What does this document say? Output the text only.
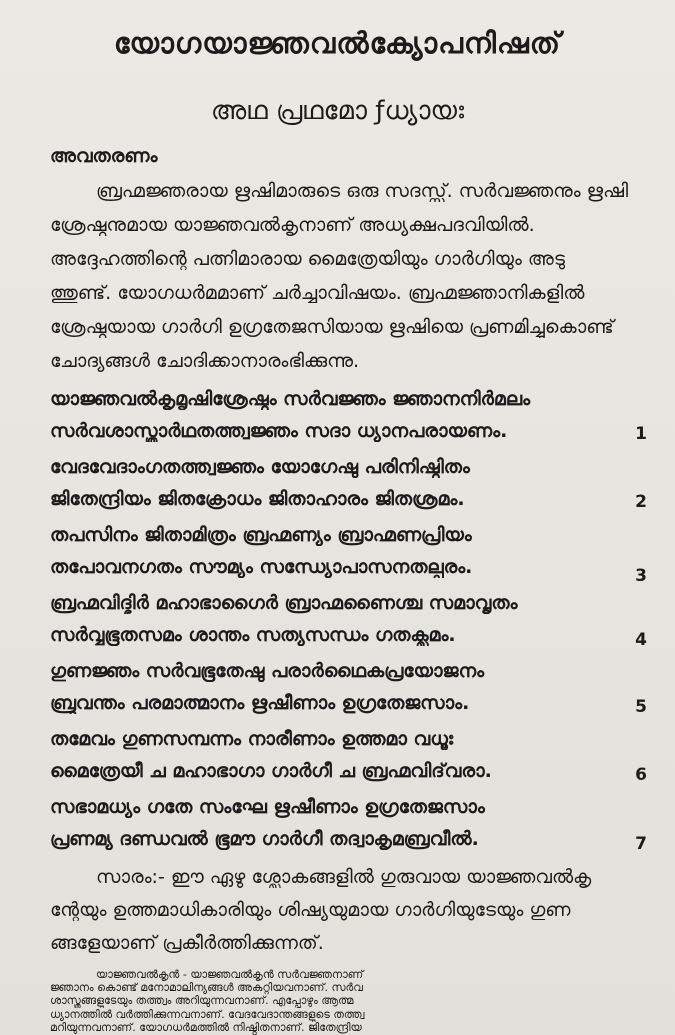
യോഗയാജ്ഞവൽക്യോപനിഷത്
അഥ പ്രഥമോ ƒധ്യായഃ
അവതരണം
ബ്രഹ്മജ്ഞരായ ഋഷിമാരുടെ ഒരു സദസ്സ്. സർവജ്ഞനും ഋഷി
ശ്രേഷ്ഠനുമായ യാജ്ഞവൽകൃനാണ് അധ്യക്ഷപദവിയിൽ.
അദ്ദേഹത്തിന്റെ പത്നിമാരായ മൈത്രേയിയും ഗാർഗിയും അടു
ത്തുണ്ട്. യോഗധർമമാണ് ചർച്ചാവിഷയം. ബ്രഹ്മജ്ഞാനികളിൽ
ശ്രേഷ്ഠയായ ഗാർഗി ഉഗ്രതേജസിയായ ഋഷിയെ പ്രണമിച്ചുകൊണ്ട്
ചോദ്യങ്ങൾ ചോദിക്കാനാരംഭിക്കുന്നു.
യാജ്ഞവൽകൃമൃഷിശ്രേഷ്ഠം സർവജ്ഞം ജ്ഞാനനിർമലം
സർവശാസ്ത്രാർഥതത്ത്വജ്ഞം സദാ ധ്യാനപരായണം.	1
വേദവേദാംഗതത്ത്വജ്ഞം യോഗേഷു പരിനിഷ്ഠിതം
ജിതേന്ദ്രിയം ജിതക്രോധം ജിതാഹാരം ജിതശ്രമം.	2
തപസിനം ജിതാമിത്രം ബ്രഹ്മണ്യം ബ്രാഹ്മണപ്രിയം
തപോവനഗതം സൗമ്യം സന്ധ്യോപാസനതല്പരം.	3
ബ്രഹ്മവിദ്ഭിർ മഹാഭാഗൈർ ബ്രാഹ്മണൈശ്ച സമാവൃതം
സർവ്വഭൂതസമം ശാന്തം സത്യസന്ധം ഗതക്ലമം.	4
ഗുണജ്ഞം സർവഭൂതേഷു പരാർഥൈകപ്രയോജനം
ബ്രുവന്തം പരമാത്മാനം ഋഷീണാം ഉഗ്രതേജസാം.	5
തമേവം ഗുണസമ്പന്നം നാരീണാം ഉത്തമാ വധൂഃ
മൈത്രേയീ ച മഹാഭാഗാ ഗാർഗീ ച ബ്രഹ്മവിദ്‌വരാ.	6
സഭാമധ്യം ഗതേ സംഘേ ഋഷീണാം ഉഗ്രതേജസാം
പ്രണമ്യ ദണ്ഡവൽ ഭൂമൗ ഗാർഗീ തദ്വാകൃമബ്രവീൽ.	7
സാരം:- ഈ ഏഴു ശ്ലോകങ്ങളിൽ ഗുരുവായ യാജ്ഞവൽകൃ
ന്റേയും ഉത്തമാധികാരിയും ശിഷ്യയുമായ ഗാർഗിയുടേയും ഗുണ
ങ്ങളേയാണ് പ്രകീർത്തിക്കുന്നത്.
യാജ്ഞവൽകൃൻ - യാജ്ഞവൽകൃൻ സർവജ്ഞനാണ്
ജ്ഞാനം കൊണ്ട് മനോമാലിന്യങ്ങൾ അകറ്റിയവനാണ്. സർവ
ശാസ്ത്രങ്ങളുടേയും തത്ത്വം അറിയുന്നവനാണ്. എപ്പോഴും ആത്മ
ധ്യാനത്തിൽ വർത്തിക്കുന്നവനാണ്. വേദവേദാന്തങ്ങളുടെ തത്ത്വ
മറിയുന്നവനാണ്. യോഗധർമത്തിൽ നിഷ്ഠിതനാണ്. ജിതേന്ദ്രിയ
